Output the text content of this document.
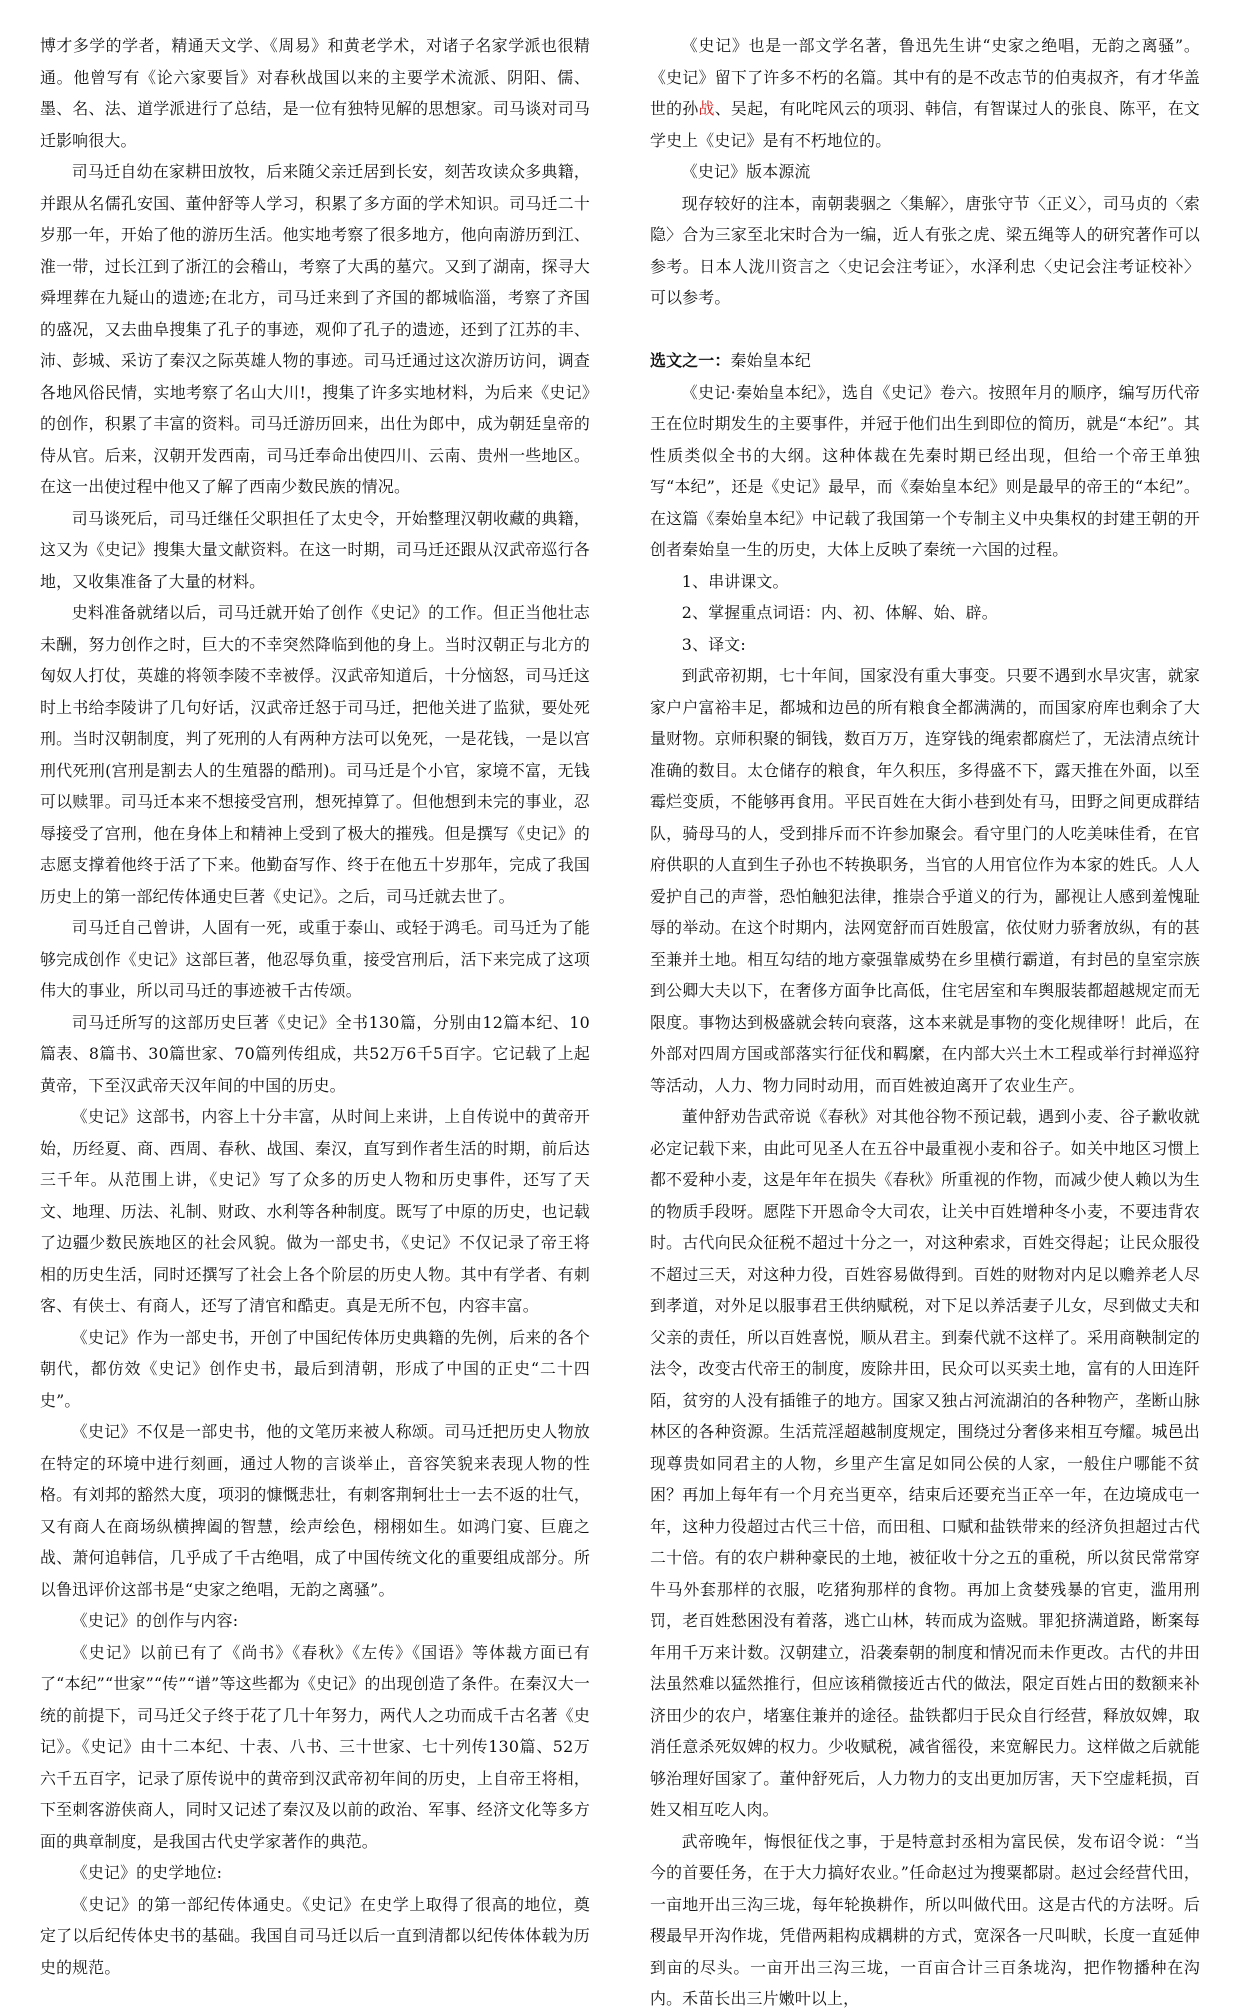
博才多学的学者，精通天文学、《周易》和黄老学术，对诸子名家学派也很精通。他曾写有《论六家要旨》对春秋战国以来的主要学术流派、阴阳、儒、墨、名、法、道学派进行了总结，是一位有独特见解的思想家。司马谈对司马迁影响很大。

司马迁自幼在家耕田放牧，后来随父亲迁居到长安，刻苦攻读众多典籍，并跟从名儒孔安国、董仲舒等人学习，积累了多方面的学术知识。司马迁二十岁那一年，开始了他的游历生活。他实地考察了很多地方，他向南游历到江、淮一带，过长江到了浙江的会稽山，考察了大禹的墓穴。又到了湖南，探寻大舜埋葬在九疑山的遗迹;在北方，司马迁来到了齐国的都城临淄，考察了齐国的盛况，又去曲阜搜集了孔子的事迹，观仰了孔子的遗迹，还到了江苏的丰、沛、彭城、采访了秦汉之际英雄人物的事迹。司马迁通过这次游历访问，调查各地风俗民情，实地考察了名山大川!，搜集了许多实地材料，为后来《史记》的创作，积累了丰富的资料。司马迁游历回来，出仕为郎中，成为朝廷皇帝的侍从官。后来，汉朝开发西南，司马迁奉命出使四川、云南、贵州一些地区。在这一出使过程中他又了解了西南少数民族的情况。

司马谈死后，司马迁继任父职担任了太史令，开始整理汉朝收藏的典籍，这又为《史记》搜集大量文献资料。在这一时期，司马迁还跟从汉武帝巡行各地，又收集准备了大量的材料。

史料准备就绪以后，司马迁就开始了创作《史记》的工作。但正当他壮志未酬，努力创作之时，巨大的不幸突然降临到他的身上。当时汉朝正与北方的匈奴人打仗，英雄的将领李陵不幸被俘。汉武帝知道后，十分恼怒，司马迁这时上书给李陵讲了几句好话，汉武帝迁怒于司马迁，把他关进了监狱，要处死刑。当时汉朝制度，判了死刑的人有两种方法可以免死，一是花钱，一是以宫刑代死刑(宫刑是割去人的生殖器的酷刑)。司马迁是个小官，家境不富，无钱可以赎罪。司马迁本来不想接受宫刑，想死掉算了。但他想到未完的事业，忍辱接受了宫刑，他在身体上和精神上受到了极大的摧残。但是撰写《史记》的志愿支撑着他终于活了下来。他勤奋写作、终于在他五十岁那年，完成了我国历史上的第一部纪传体通史巨著《史记》。之后，司马迁就去世了。

司马迁自己曾讲，人固有一死，或重于泰山、或轻于鸿毛。司马迁为了能够完成创作《史记》这部巨著，他忍辱负重，接受宫刑后，活下来完成了这项伟大的事业，所以司马迁的事迹被千古传颂。

司马迁所写的这部历史巨著《史记》全书130篇，分别由12篇本纪、10篇表、8篇书、30篇世家、70篇列传组成，共52万6千5百字。它记载了上起黄帝，下至汉武帝天汉年间的中国的历史。

《史记》这部书，内容上十分丰富，从时间上来讲，上自传说中的黄帝开始，历经夏、商、西周、春秋、战国、秦汉，直写到作者生活的时期，前后达三千年。从范围上讲，《史记》写了众多的历史人物和历史事件，还写了天文、地理、历法、礼制、财政、水利等各种制度。既写了中原的历史，也记载了边疆少数民族地区的社会风貌。做为一部史书，《史记》不仅记录了帝王将相的历史生活，同时还撰写了社会上各个阶层的历史人物。其中有学者、有刺客、有侠士、有商人，还写了清官和酷吏。真是无所不包，内容丰富。

《史记》作为一部史书，开创了中国纪传体历史典籍的先例，后来的各个朝代，都仿效《史记》创作史书，最后到清朝，形成了中国的正史“二十四史”。

《史记》不仅是一部史书，他的文笔历来被人称颂。司马迁把历史人物放在特定的环境中进行刻画，通过人物的言谈举止，音容笑貌来表现人物的性格。有刘邦的豁然大度，项羽的慷慨悲壮，有刺客荆轲壮士一去不返的壮气，又有商人在商场纵横捭阖的智慧，绘声绘色，栩栩如生。如鸿门宴、巨鹿之战、萧何追韩信，几乎成了千古绝唱，成了中国传统文化的重要组成部分。所以鲁迅评价这部书是“史家之绝唱，无韵之离骚”。

《史记》的创作与内容:

《史记》以前已有了《尚书》《春秋》《左传》《国语》等体裁方面已有了“本纪”“世家”“传”“谱”等这些都为《史记》的出现创造了条件。在秦汉大一统的前提下，司马迁父子终于花了几十年努力，两代人之功而成千古名著《史记》。《史记》由十二本纪、十表、八书、三十世家、七十列传130篇、52万六千五百字，记录了原传说中的黄帝到汉武帝初年间的历史，上自帝王将相，下至刺客游侠商人，同时又记述了秦汉及以前的政治、军事、经济文化等多方面的典章制度，是我国古代史学家著作的典范。

《史记》的史学地位:

《史记》的第一部纪传体通史。《史记》在史学上取得了很高的地位，奠定了以后纪传体史书的基础。我国自司马迁以后一直到清都以纪传体体载为历史的规范。

《史记》也是一部文学名著，鲁迅先生讲“史家之绝唱，无韵之离骚”。《史记》留下了许多不朽的名篇。其中有的是不改志节的伯夷叔齐，有才华盖世的孙战、吴起，有叱咤风云的项羽、韩信，有智谋过人的张良、陈平，在文学史上《史记》是有不朽地位的。

《史记》版本源流

现存较好的注本，南朝裴骃之〈集解〉，唐张守节〈正义〉，司马贞的〈索隐〉合为三家至北宋时合为一编，近人有张之虎、梁五绳等人的研究著作可以参考。日本人泷川资言之〈史记会注考证〉，水泽利忠〈史记会注考证校补〉可以参考。

选文之一：秦始皇本纪

《史记·秦始皇本纪》，选自《史记》卷六。按照年月的顺序，编写历代帝王在位时期发生的主要事件，并冠于他们出生到即位的简历，就是“本纪”。其性质类似全书的大纲。这种体裁在先秦时期已经出现，但给一个帝王单独写“本纪”，还是《史记》最早，而《秦始皇本纪》则是最早的帝王的“本纪”。在这篇《秦始皇本纪》中记载了我国第一个专制主义中央集权的封建王朝的开创者秦始皇一生的历史，大体上反映了秦统一六国的过程。

1、串讲课文。

2、掌握重点词语：内、初、体解、始、辟。

3、译文:

到武帝初期，七十年间，国家没有重大事变。只要不遇到水旱灾害，就家家户户富裕丰足，都城和边邑的所有粮食全都满满的，而国家府库也剩余了大量财物。京师积聚的铜钱，数百万万，连穿钱的绳索都腐烂了，无法清点统计准确的数目。太仓储存的粮食，年久积压，多得盛不下，露天推在外面，以至霉烂变质，不能够再食用。平民百姓在大街小巷到处有马，田野之间更成群结队，骑母马的人，受到排斥而不许参加聚会。看守里门的人吃美味佳肴，在官府供职的人直到生子孙也不转换职务，当官的人用官位作为本家的姓氏。人人爱护自己的声誉，恐怕触犯法律，推崇合乎道义的行为，鄙视让人感到羞愧耻辱的举动。在这个时期内，法网宽舒而百姓殷富，依仗财力骄奢放纵，有的甚至兼并土地。相互勾结的地方豪强靠威势在乡里横行霸道，有封邑的皇室宗族到公卿大夫以下，在奢侈方面争比高低，住宅居室和车舆服装都超越规定而无限度。事物达到极盛就会转向衰落，这本来就是事物的变化规律呀！此后，在外部对四周方国或部落实行征伐和羁縻，在内部大兴土木工程或举行封禅巡狩等活动，人力、物力同时动用，而百姓被迫离开了农业生产。

董仲舒劝告武帝说《春秋》对其他谷物不预记载，遇到小麦、谷子歉收就必定记载下来，由此可见圣人在五谷中最重视小麦和谷子。如关中地区习惯上都不爱种小麦，这是年年在损失《春秋》所重视的作物，而减少使人赖以为生的物质手段呀。愿陛下开恩命令大司农，让关中百姓增种冬小麦，不要违背农时。古代向民众征税不超过十分之一，对这种索求，百姓交得起；让民众服役不超过三天，对这种力役，百姓容易做得到。百姓的财物对内足以赡养老人尽到孝道，对外足以服事君王供纳赋税，对下足以养活妻子儿女，尽到做丈夫和父亲的责任，所以百姓喜悦，顺从君主。到秦代就不这样了。采用商鞅制定的法令，改变古代帝王的制度，废除井田，民众可以买卖土地，富有的人田连阡陌，贫穷的人没有插锥子的地方。国家又独占河流湖泊的各种物产，垄断山脉林区的各种资源。生活荒淫超越制度规定，围绕过分奢侈来相互夸耀。城邑出现尊贵如同君主的人物，乡里产生富足如同公侯的人家，一般住户哪能不贫困？再加上每年有一个月充当更卒，结束后还要充当正卒一年，在边境成屯一年，这种力役超过古代三十倍，而田租、口赋和盐铁带来的经济负担超过古代二十倍。有的农户耕种豪民的土地，被征收十分之五的重税，所以贫民常常穿牛马外套那样的衣服，吃猪狗那样的食物。再加上贪婪残暴的官吏，滥用刑罚，老百姓愁困没有着落，逃亡山林，转而成为盗贼。罪犯挤满道路，断案每年用千万来计数。汉朝建立，沿袭秦朝的制度和情况而未作更改。古代的井田法虽然难以猛然推行，但应该稍微接近古代的做法，限定百姓占田的数额来补济田少的农户，堵塞住兼并的途径。盐铁都归于民众自行经营，释放奴婢，取消任意杀死奴婢的权力。少收赋税，减省徭役，来宽解民力。这样做之后就能够治理好国家了。董仲舒死后，人力物力的支出更加厉害，天下空虚耗损，百姓又相互吃人肉。

武帝晚年，悔恨征伐之事，于是特意封丞相为富民侯，发布诏令说：“当今的首要任务，在于大力搞好农业。”任命赵过为搜粟都尉。赵过会经营代田，一亩地开出三沟三垅，每年轮换耕作，所以叫做代田。这是古代的方法呀。后稷最早开沟作垅，凭借两耜构成耦耕的方式，宽深各一尺叫畎，长度一直延伸到亩的尽头。一亩开出三沟三垅，一百亩合计三百条垅沟，把作物播种在沟内。禾苗长出三片嫩叶以上，
